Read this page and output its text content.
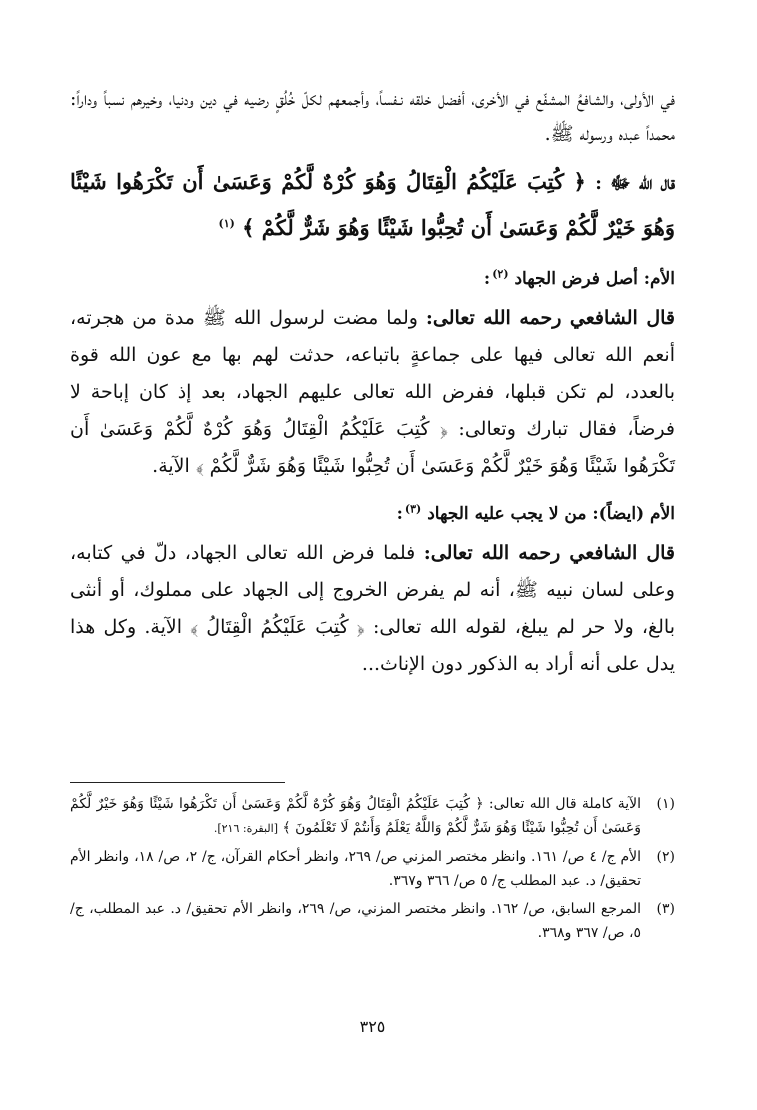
في الأولى، والشافعُ المشفّع في الأخرى، أفضل خلقه نـفساً، وأجمعهم لكلّ خُلُقٍ رضيه في دين ودنيا، وخيرهم نسباً وداراً: محمداً عبده ورسوله ﷺ.

قال الله ﷻ : ﴿ كُتِبَ عَلَيْكُمُ الْقِتَالُ وَهُوَ كُرْهٌ لَّكُمْ وَعَسَىٰ أَن تَكْرَهُوا شَيْئًا وَهُوَ خَيْرٌ لَّكُمْ وَعَسَىٰ أَن تُحِبُّوا شَيْئًا وَهُوَ شَرٌّ لَّكُمْ ﴾ $^{(١)}$

الأم: أصل فرض الجهاد $^{(٢)}$:

قال الشافعي رحمه الله تعالى: ولما مضت لرسول الله ﷺ مدة من هجرته، أنعم الله تعالى فيها على جماعةٍ باتباعه، حدثت لهم بها مع عون الله قوة بالعدد، لم تكن قبلها، ففرض الله تعالى عليهم الجهاد، بعد إذ كان إباحة لا فرضاً، فقال تبارك وتعالى: ﴿ كُتِبَ عَلَيْكُمُ الْقِتَالُ وَهُوَ كُرْهٌ لَّكُمْ وَعَسَىٰ أَن تَكْرَهُوا شَيْئًا وَهُوَ خَيْرٌ لَّكُمْ وَعَسَىٰ أَن تُحِبُّوا شَيْئًا وَهُوَ شَرٌّ لَّكُمْ ﴾ الآية.

الأم (ايضاً): من لا يجب عليه الجهاد $^{(٣)}$:

قال الشافعي رحمه الله تعالى: فلما فرض الله تعالى الجهاد، دلّ في كتابه، وعلى لسان نبيه ﷺ، أنه لم يفرض الخروج إلى الجهاد على مملوك، أو أنثى بالغ، ولا حر لم يبلغ، لقوله الله تعالى: ﴿ كُتِبَ عَلَيْكُمُ الْقِتَالُ ﴾ الآية. وكل هذا يدل على أنه أراد به الذكور دون الإناث...

(١)
الآية كاملة قال الله تعالى: ﴿ كُتِبَ عَلَيْكُمُ الْقِتَالُ وَهُوَ كُرْهٌ لَّكُمْ وَعَسَىٰ أَن تَكْرَهُوا شَيْئًا وَهُوَ خَيْرٌ لَّكُمْ وَعَسَىٰ أَن تُحِبُّوا شَيْئًا وَهُوَ شَرٌّ لَّكُمْ وَاللَّهُ يَعْلَمُ وَأَنتُمْ لَا تَعْلَمُونَ ﴾ [البقرة: ٢١٦].
(٢)
الأم ج/ ٤ ص/ ١٦١. وانظر مختصر المزني ص/ ٢٦٩، وانظر أحكام القرآن، ج/ ٢، ص/ ١٨، وانظر الأم تحقيق/ د. عبد المطلب ج/ ٥ ص/ ٣٦٦ و٣٦٧.
(٣)
المرجع السابق، ص/ ١٦٢. وانظر مختصر المزني، ص/ ٢٦٩، وانظر الأم تحقيق/ د. عبد المطلب، ج/ ٥، ص/ ٣٦٧ و٣٦٨.
٣٢٥
